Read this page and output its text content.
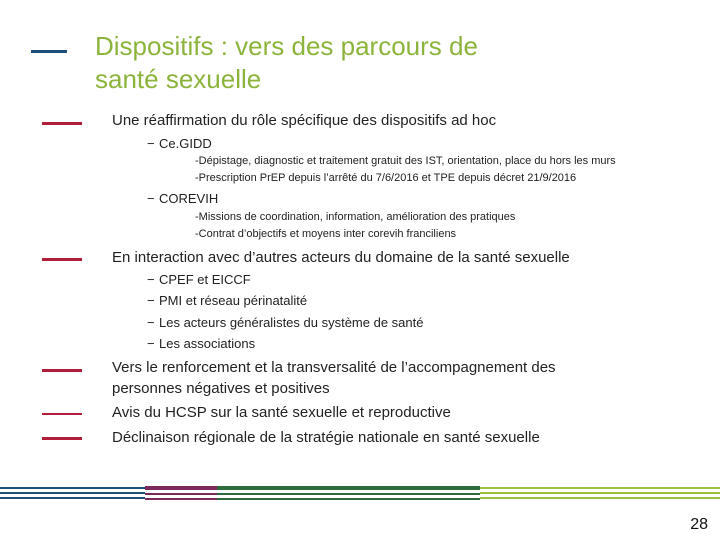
Dispositifs : vers des parcours de
santé sexuelle
Une réaffirmation du rôle spécifique des dispositifs ad hoc
− Ce.GIDD
-Dépistage, diagnostic et traitement gratuit des IST, orientation, place du hors les murs
-Prescription PrEP depuis l’arrêté du 7/6/2016 et TPE depuis décret 21/9/2016
− COREVIH
-Missions de coordination, information, amélioration des pratiques
-Contrat d’objectifs et moyens inter corevih franciliens
En interaction avec d’autres acteurs du domaine de la santé sexuelle
− CPEF et EICCF
− PMI et réseau périnatalité
− Les acteurs généralistes du système de santé
− Les associations
Vers le renforcement et la transversalité de l’accompagnement des
personnes négatives et positives
Avis du HCSP sur la santé sexuelle et reproductive
Déclinaison régionale de la stratégie nationale en santé sexuelle
28
